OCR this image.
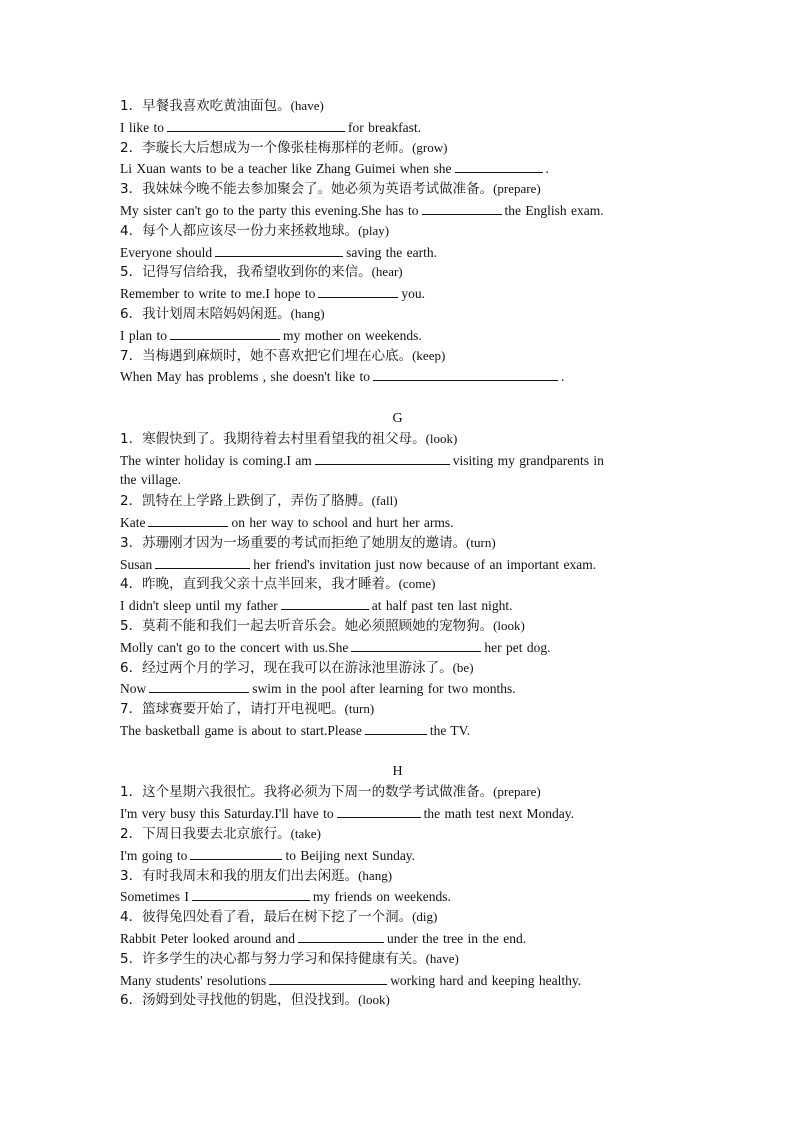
1．早餐我喜欢吃黄油面包。(have)
I like to	for breakfast.
2．李璇长大后想成为一个像张桂梅那样的老师。(grow)
Li Xuan wants to be a teacher like Zhang Guimei when she	.
3．我妹妹今晚不能去参加聚会了。她必须为英语考试做准备。(prepare)
My sister can't go to the party this evening.She has to	the English exam.
4．每个人都应该尽一份力来拯救地球。(play)
Everyone should	saving the earth.
5．记得写信给我，我希望收到你的来信。(hear)
Remember to write to me.I hope to	you.
6．我计划周末陪妈妈闲逛。(hang)
I plan to	my mother on weekends.
7．当梅遇到麻烦时，她不喜欢把它们埋在心底。(keep)
When May has problems , she doesn't like to	.
G
1．寒假快到了。我期待着去村里看望我的祖父母。(look)
The winter holiday is coming.I am	visiting my grandparents in
the village.
2．凯特在上学路上跌倒了，弄伤了胳膊。(fall)
Kate	on her way to school and hurt her arms.
3．苏珊刚才因为一场重要的考试而拒绝了她朋友的邀请。(turn)
Susan	her friend's invitation just now because of an important exam.
4．昨晚，直到我父亲十点半回来，我才睡着。(come)
I didn't sleep until my father	at half past ten last night.
5．莫莉不能和我们一起去听音乐会。她必须照顾她的宠物狗。(look)
Molly can't go to the concert with us.She	her pet dog.
6．经过两个月的学习，现在我可以在游泳池里游泳了。(be)
Now	swim in the pool after learning for two months.
7．篮球赛要开始了，请打开电视吧。(turn)
The basketball game is about to start.Please	the TV.
H
1．这个星期六我很忙。我将必须为下周一的数学考试做准备。(prepare)
I'm very busy this Saturday.I'll have to	the math test next Monday.
2．下周日我要去北京旅行。(take)
I'm going to	to Beijing next Sunday.
3．有时我周末和我的朋友们出去闲逛。(hang)
Sometimes I	my friends on weekends.
4．彼得兔四处看了看，最后在树下挖了一个洞。(dig)
Rabbit Peter looked around and	under the tree in the end.
5．许多学生的决心都与努力学习和保持健康有关。(have)
Many students' resolutions	working hard and keeping healthy.
6．汤姆到处寻找他的钥匙，但没找到。(look)
